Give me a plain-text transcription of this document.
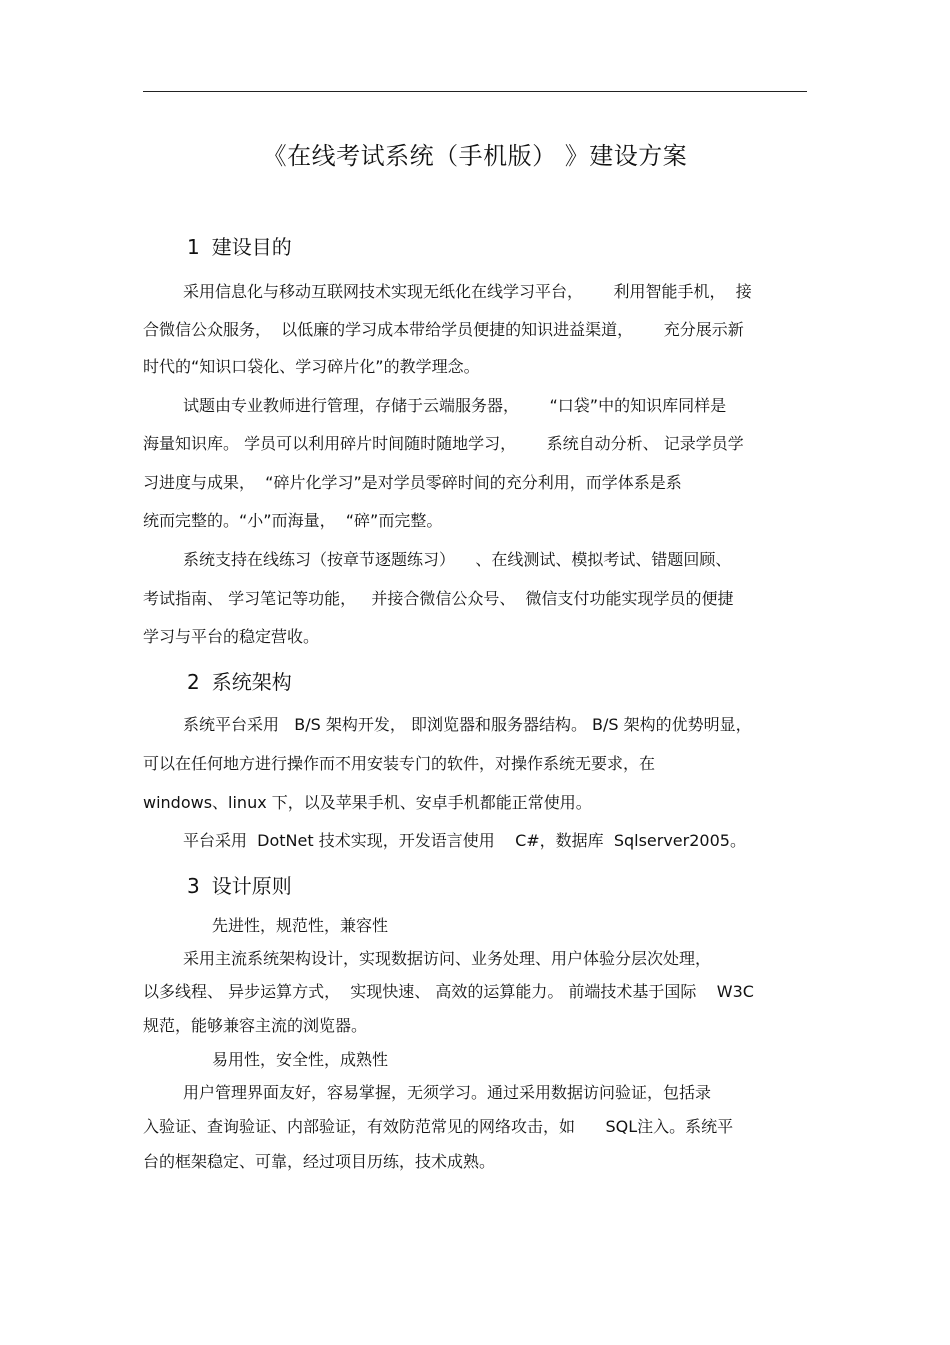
《在线考试系统（手机版） 》建设方案
1 建设目的
采用信息化与移动互联网技术实现无纸化在线学习平台，      利用智能手机，  接
合微信公众服务，  以低廉的学习成本带给学员便捷的知识进益渠道，      充分展示新
时代的“知识口袋化、学习碎片化”的教学理念。
试题由专业教师进行管理，存储于云端服务器，      “口袋”中的知识库同样是
海量知识库。 学员可以利用碎片时间随时随地学习，      系统自动分析、 记录学员学
习进度与成果，  “碎片化学习”是对学员零碎时间的充分利用，而学体系是系
统而完整的。“小”而海量，  “碎”而完整。
系统支持在线练习（按章节逐题练习）    、在线测试、模拟考试、错题回顾、
考试指南、 学习笔记等功能，   并接合微信公众号、  微信支付功能实现学员的便捷
学习与平台的稳定营收。
2 系统架构
系统平台采用   B/S 架构开发， 即浏览器和服务器结构。 B/S 架构的优势明显，
可以在任何地方进行操作而不用安装专门的软件，对操作系统无要求，在
windows、linux 下，以及苹果手机、安卓手机都能正常使用。
平台采用  DotNet 技术实现，开发语言使用    C#，数据库  Sqlserver2005。
3 设计原则
先进性，规范性，兼容性
采用主流系统架构设计，实现数据访问、业务处理、用户体验分层次处理，
以多线程、 异步运算方式，  实现快速、 高效的运算能力。 前端技术基于国际    W3C
规范，能够兼容主流的浏览器。
易用性，安全性，成熟性
用户管理界面友好，容易掌握，无须学习。通过采用数据访问验证，包括录
入验证、查询验证、内部验证，有效防范常见的网络攻击，如      SQL注入。系统平
台的框架稳定、可靠，经过项目历练，技术成熟。
